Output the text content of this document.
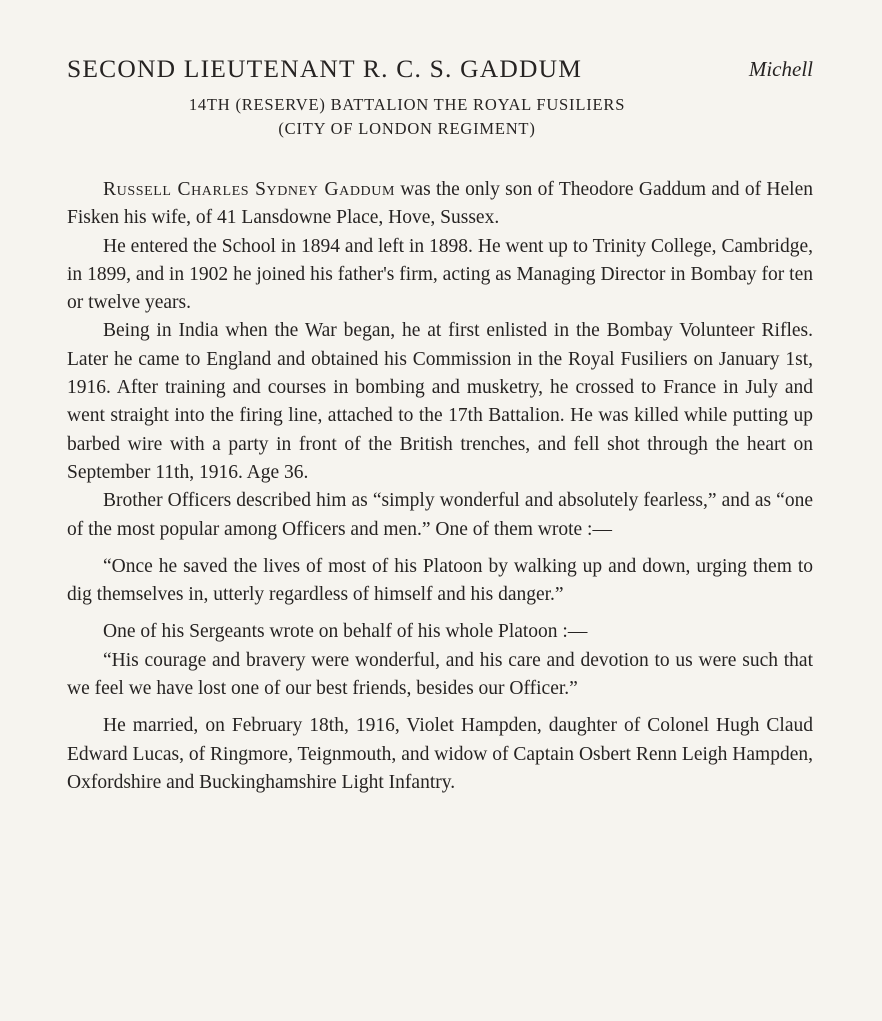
SECOND LIEUTENANT R. C. S. GADDUM	Michell
14TH (RESERVE) BATTALION THE ROYAL FUSILIERS
(CITY OF LONDON REGIMENT)

Russell Charles Sydney Gaddum was the only son of Theodore Gaddum and of Helen Fisken his wife, of 41 Lansdowne Place, Hove, Sussex.

He entered the School in 1894 and left in 1898. He went up to Trinity College, Cambridge, in 1899, and in 1902 he joined his father's firm, acting as Managing Director in Bombay for ten or twelve years.

Being in India when the War began, he at first enlisted in the Bombay Volunteer Rifles. Later he came to England and obtained his Commission in the Royal Fusiliers on January 1st, 1916. After training and courses in bombing and musketry, he crossed to France in July and went straight into the firing line, attached to the 17th Battalion. He was killed while putting up barbed wire with a party in front of the British trenches, and fell shot through the heart on September 11th, 1916. Age 36.

Brother Officers described him as “simply wonderful and absolutely fearless,” and as “one of the most popular among Officers and men.” One of them wrote :—

“Once he saved the lives of most of his Platoon by walking up and down, urging them to dig themselves in, utterly regardless of himself and his danger.”

One of his Sergeants wrote on behalf of his whole Platoon :—

“His courage and bravery were wonderful, and his care and devotion to us were such that we feel we have lost one of our best friends, besides our Officer.”

He married, on February 18th, 1916, Violet Hampden, daughter of Colonel Hugh Claud Edward Lucas, of Ringmore, Teignmouth, and widow of Captain Osbert Renn Leigh Hampden, Oxfordshire and Buckinghamshire Light Infantry.
